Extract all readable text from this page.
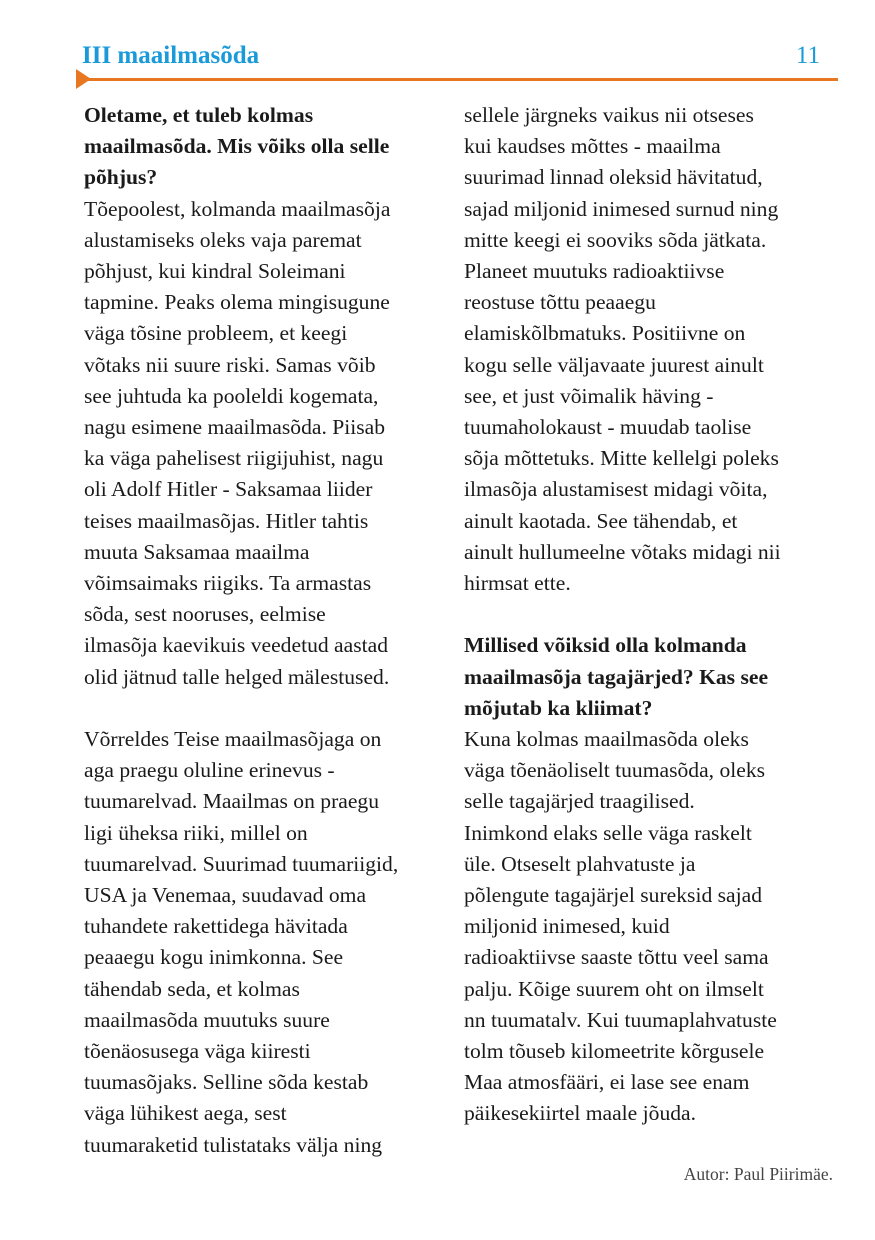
III maailmasõda	11

Oletame, et tuleb kolmas

maailmasõda. Mis võiks olla selle

põhjus?

Tõepoolest, kolmanda maailmasõja

alustamiseks oleks vaja paremat

põhjust, kui kindral Soleimani

tapmine. Peaks olema mingisugune

väga tõsine probleem, et keegi

võtaks nii suure riski. Samas võib

see juhtuda ka pooleldi kogemata,

nagu esimene maailmasõda. Piisab

ka väga pahelisest riigijuhist, nagu

oli Adolf Hitler - Saksamaa liider

teises maailmasõjas. Hitler tahtis

muuta Saksamaa maailma

võimsaimaks riigiks. Ta armastas

sõda, sest nooruses, eelmise

ilmasõja kaevikuis veedetud aastad

olid jätnud talle helged mälestused.

Võrreldes Teise maailmasõjaga on

aga praegu oluline erinevus -

tuumarelvad. Maailmas on praegu

ligi üheksa riiki, millel on

tuumarelvad. Suurimad tuumariigid,

USA ja Venemaa, suudavad oma

tuhandete rakettidega hävitada

peaaegu kogu inimkonna. See

tähendab seda, et kolmas

maailmasõda muutuks suure

tõenäosusega väga kiiresti

tuumasõjaks. Selline sõda kestab

väga lühikest aega, sest

tuumaraketid tulistataks välja ning

sellele järgneks vaikus nii otseses

kui kaudses mõttes - maailma

suurimad linnad oleksid hävitatud,

sajad miljonid inimesed surnud ning

mitte keegi ei sooviks sõda jätkata.

Planeet muutuks radioaktiivse

reostuse tõttu peaaegu

elamiskõlbmatuks. Positiivne on

kogu selle väljavaate juurest ainult

see, et just võimalik häving -

tuumaholokaust - muudab taolise

sõja mõttetuks. Mitte kellelgi poleks

ilmasõja alustamisest midagi võita,

ainult kaotada. See tähendab, et

ainult hullumeelne võtaks midagi nii

hirmsat ette.

Millised võiksid olla kolmanda

maailmasõja tagajärjed? Kas see

mõjutab ka kliimat?

Kuna kolmas maailmasõda oleks

väga tõenäoliselt tuumasõda, oleks

selle tagajärjed traagilised.

Inimkond elaks selle väga raskelt

üle. Otseselt plahvatuste ja

põlengute tagajärjel sureksid sajad

miljonid inimesed, kuid

radioaktiivse saaste tõttu veel sama

palju. Kõige suurem oht on ilmselt

nn tuumatalv. Kui tuumaplahvatuste

tolm tõuseb kilomeetrite kõrgusele

Maa atmosfääri, ei lase see enam

päikesekiirtel maale jõuda.

Autor: Paul Piirimäe.
